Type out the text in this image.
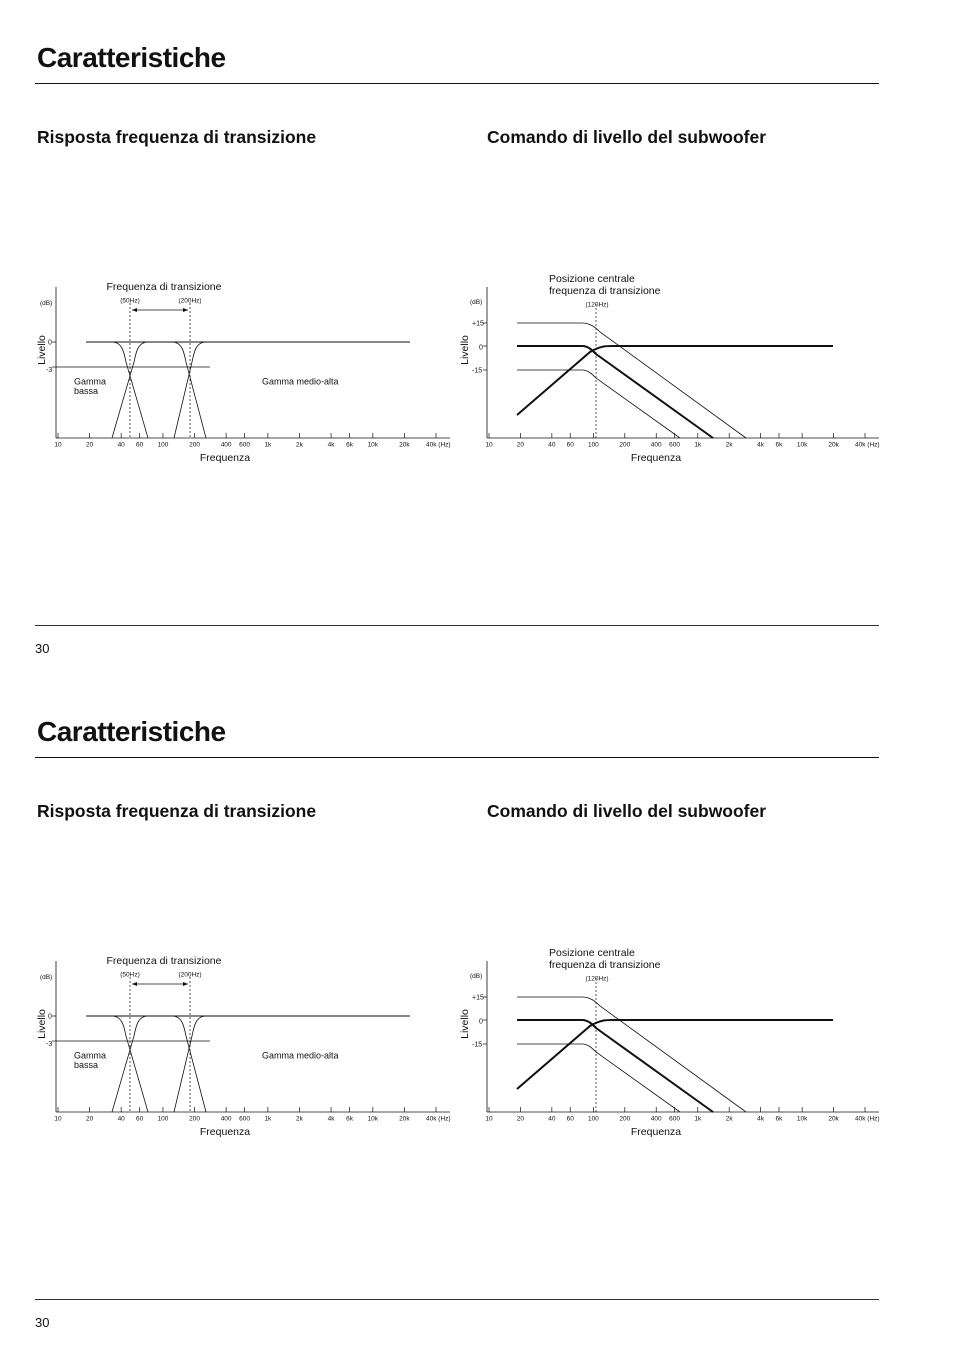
Caratteristiche
Risposta frequenza di transizione	Comando di livello del subwoofer
Frequenza di transizione
(50Hz)	(200Hz)
(dB)
Livello 0
-3
Gamma
bassa
Gamma medio-alta
Frequenza
10	20	40 60 100	200	400 600 1k	2k	4k 6k 10k	20k	40k (Hz)
Posizione centrale
frequenza di transizione
(120Hz)
(dB)
Livello
+15
0
-15
Frequenza
10	20	40 60 100	200	400 600 1k	2k	4k 6k 10k	20k 40k (Hz)
30
Caratteristiche
Risposta frequenza di transizione	Comando di livello del subwoofer
Frequenza di transizione
(50Hz)	(200Hz)
(dB)
Livello 0
-3
Gamma
bassa
Gamma medio-alta
Frequenza
10	20	40 60 100	200	400 600 1k	2k	4k 6k 10k	20k	40k (Hz)
Posizione centrale
frequenza di transizione
(120Hz)
(dB)
Livello
+15
0
-15
Frequenza
10	20	40 60 100	200	400 600 1k	2k	4k 6k 10k	20k 40k (Hz)
30
